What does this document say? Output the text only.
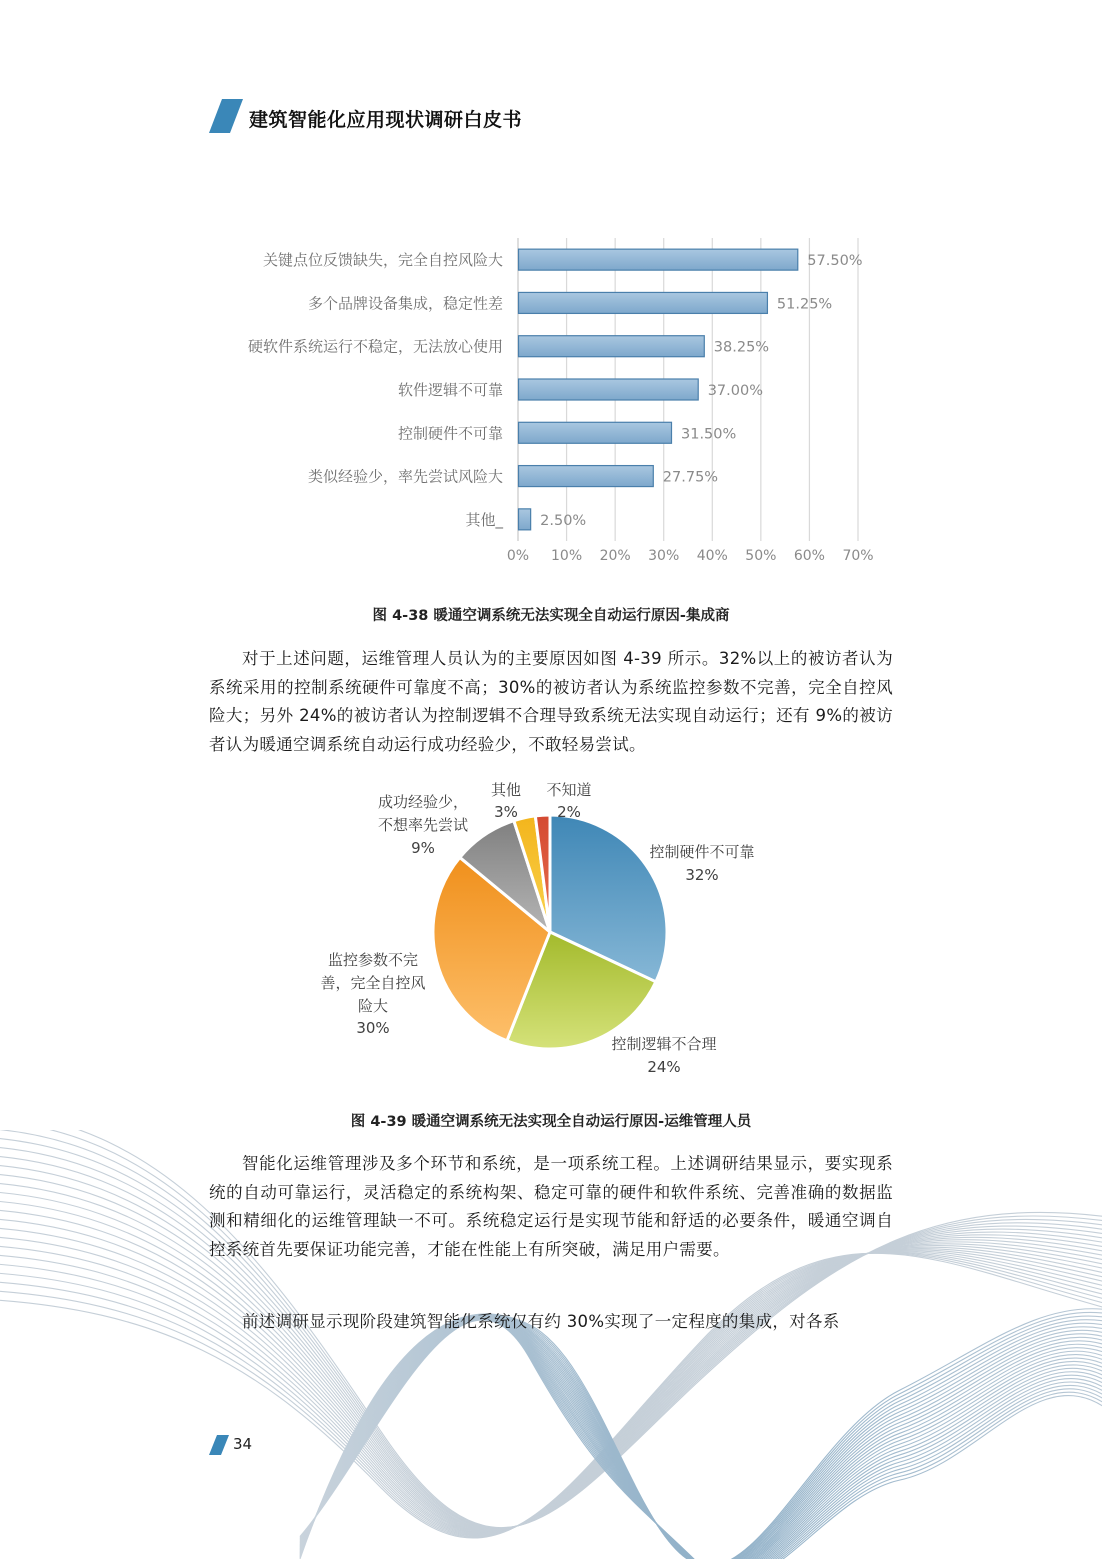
建筑智能化应用现状调研白皮书
关键点位反馈缺失，完全自控风险大
多个品牌设备集成，稳定性差
硬软件系统运行不稳定，无法放心使用
软件逻辑不可靠
控制硬件不可靠
类似经验少，率先尝试风险大
其他_
57.50%
51.25%
38.25%
37.00%
31.50%
27.75%
2.50%
0% 10% 20% 30% 40% 50% 60% 70%
图 4-38 暖通空调系统无法实现全自动运行原因-集成商
对于上述问题，运维管理人员认为的主要原因如图 4-39 所示。32%以上的被访者认为系统采用的控制系统硬件可靠度不高；30%的被访者认为系统监控参数不完善，完全自控风险大；另外 24%的被访者认为控制逻辑不合理导致系统无法实现自动运行；还有 9%的被访者认为暖通空调系统自动运行成功经验少，不敢轻易尝试。
控制硬件不可靠
32%
控制逻辑不合理
24%
监控参数不完
善，完全自控风
险大
30%
成功经验少，
不想率先尝试
9%
其他
3%
不知道
2%
图 4-39 暖通空调系统无法实现全自动运行原因-运维管理人员
智能化运维管理涉及多个环节和系统，是一项系统工程。上述调研结果显示，要实现系统的自动可靠运行，灵活稳定的系统构架、稳定可靠的硬件和软件系统、完善准确的数据监测和精细化的运维管理缺一不可。系统稳定运行是实现节能和舒适的必要条件，暖通空调自控系统首先要保证功能完善，才能在性能上有所突破，满足用户需要。
前述调研显示现阶段建筑智能化系统仅有约 30%实现了一定程度的集成，对各系
34
